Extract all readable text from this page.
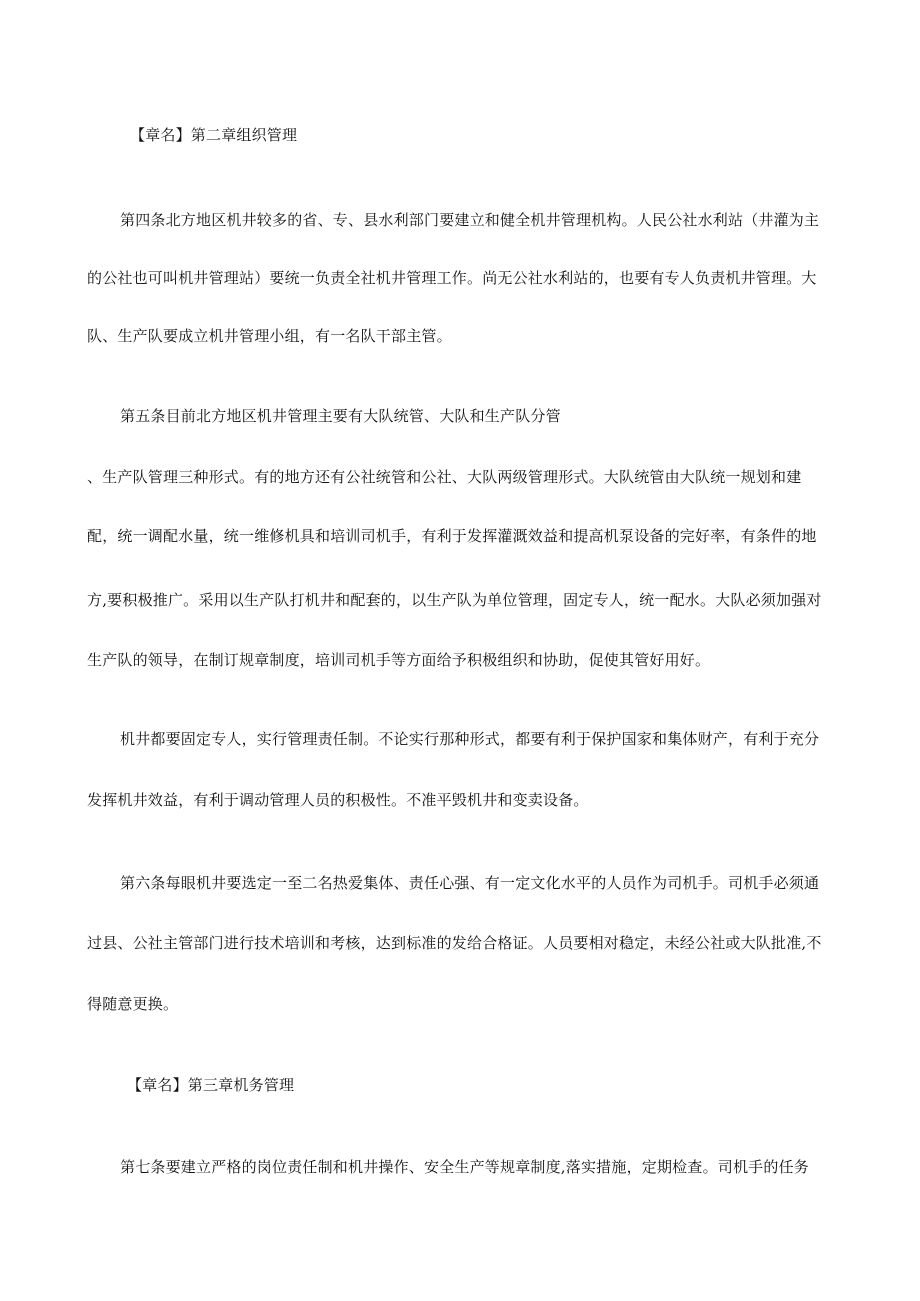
【章名】第二章组织管理
第四条北方地区机井较多的省、专、县水利部门要建立和健全机井管理机构。人民公社水利站（井灌为主
的公社也可叫机井管理站）要统一负责全社机井管理工作。尚无公社水利站的，也要有专人负责机井管理。大
队、生产队要成立机井管理小组，有一名队干部主管。
第五条目前北方地区机井管理主要有大队统管、大队和生产队分管
、生产队管理三种形式。有的地方还有公社统管和公社、大队两级管理形式。大队统管由大队统一规划和建
配，统一调配水量，统一维修机具和培训司机手，有利于发挥灌溉效益和提高机泵设备的完好率，有条件的地
方,要积极推广。采用以生产队打机井和配套的，以生产队为单位管理，固定专人，统一配水。大队必须加强对
生产队的领导，在制订规章制度，培训司机手等方面给予积极组织和协助，促使其管好用好。
机井都要固定专人，实行管理责任制。不论实行那种形式，都要有利于保护国家和集体财产，有利于充分
发挥机井效益，有利于调动管理人员的积极性。不准平毁机井和变卖设备。
第六条每眼机井要选定一至二名热爱集体、责任心强、有一定文化水平的人员作为司机手。司机手必须通
过县、公社主管部门进行技术培训和考核，达到标准的发给合格证。人员要相对稳定，未经公社或大队批准,不
得随意更换。
【章名】第三章机务管理
第七条要建立严格的岗位责任制和机井操作、安全生产等规章制度,落实措施，定期检查。司机手的任务
